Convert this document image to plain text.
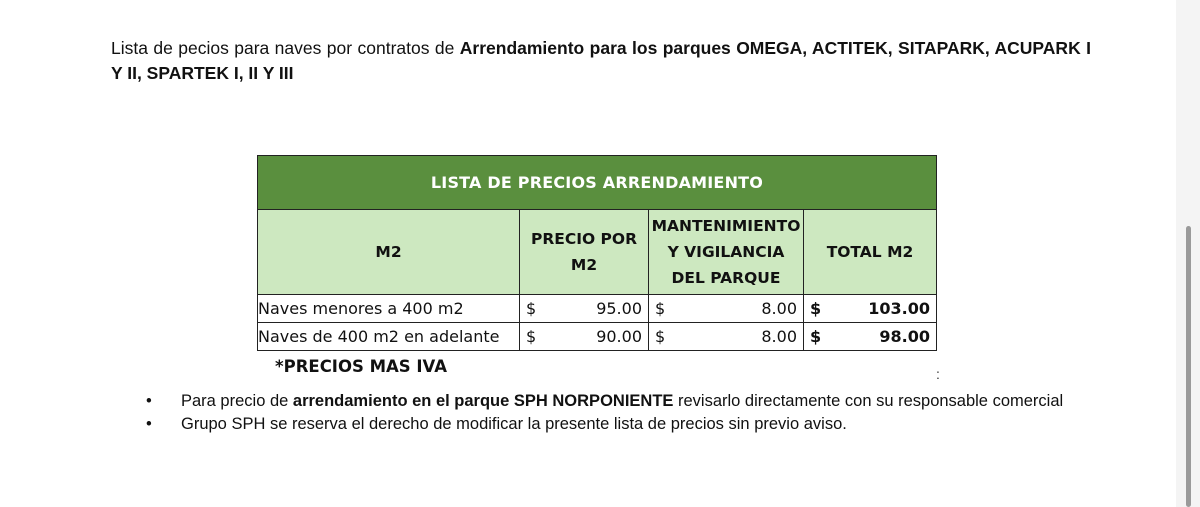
Lista de pecios para naves por contratos de Arrendamiento para los parques OMEGA, ACTITEK, SITAPARK, ACUPARK I Y II, SPARTEK I, II Y III

LISTA DE PRECIOS ARRENDAMIENTO			
M2	PRECIO POR M2	MANTENIMIENTO Y VIGILANCIA DEL PARQUE	TOTAL M2
Naves menores a 400 m2	$ 95.00	$ 8.00	$ 103.00

Naves de 400 m2 en adelante	$ 90.00	$ 8.00	$ 98.00
*PRECIOS MAS IVA	:
• Para precio de arrendamiento en el parque SPH NORPONIENTE revisarlo directamente con su responsable comercial
• Grupo SPH se reserva el derecho de modificar la presente lista de precios sin previo aviso.
